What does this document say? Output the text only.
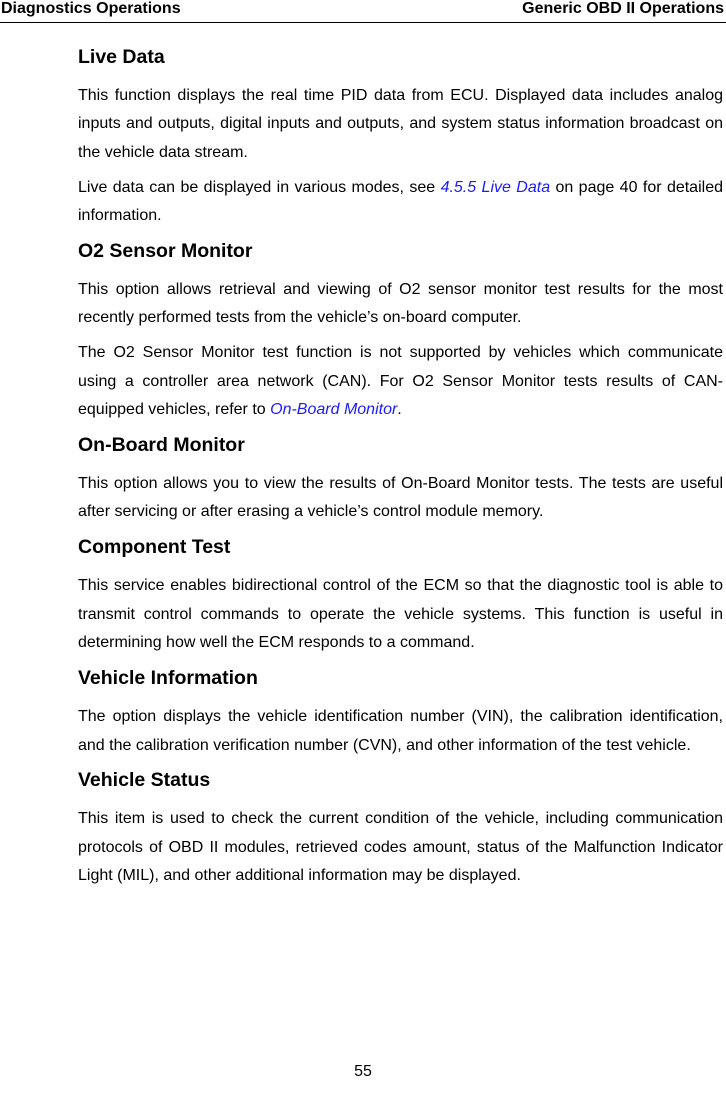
Diagnostics Operations	Generic OBD II Operations
Live Data

This function displays the real time PID data from ECU. Displayed data includes analog inputs and outputs, digital inputs and outputs, and system status information broadcast on the vehicle data stream.

Live data can be displayed in various modes, see 4.5.5 Live Data on page 40 for detailed information.

O2 Sensor Monitor

This option allows retrieval and viewing of O2 sensor monitor test results for the most recently performed tests from the vehicle’s on-board computer.

The O2 Sensor Monitor test function is not supported by vehicles which communicate using a controller area network (CAN). For O2 Sensor Monitor tests results of CAN-equipped vehicles, refer to On-Board Monitor.

On-Board Monitor

This option allows you to view the results of On-Board Monitor tests. The tests are useful after servicing or after erasing a vehicle’s control module memory.

Component Test

This service enables bidirectional control of the ECM so that the diagnostic tool is able to transmit control commands to operate the vehicle systems. This function is useful in determining how well the ECM responds to a command.

Vehicle Information

The option displays the vehicle identification number (VIN), the calibration identification, and the calibration verification number (CVN), and other information of the test vehicle.

Vehicle Status

This item is used to check the current condition of the vehicle, including communication protocols of OBD II modules, retrieved codes amount, status of the Malfunction Indicator Light (MIL), and other additional information may be displayed.

55
